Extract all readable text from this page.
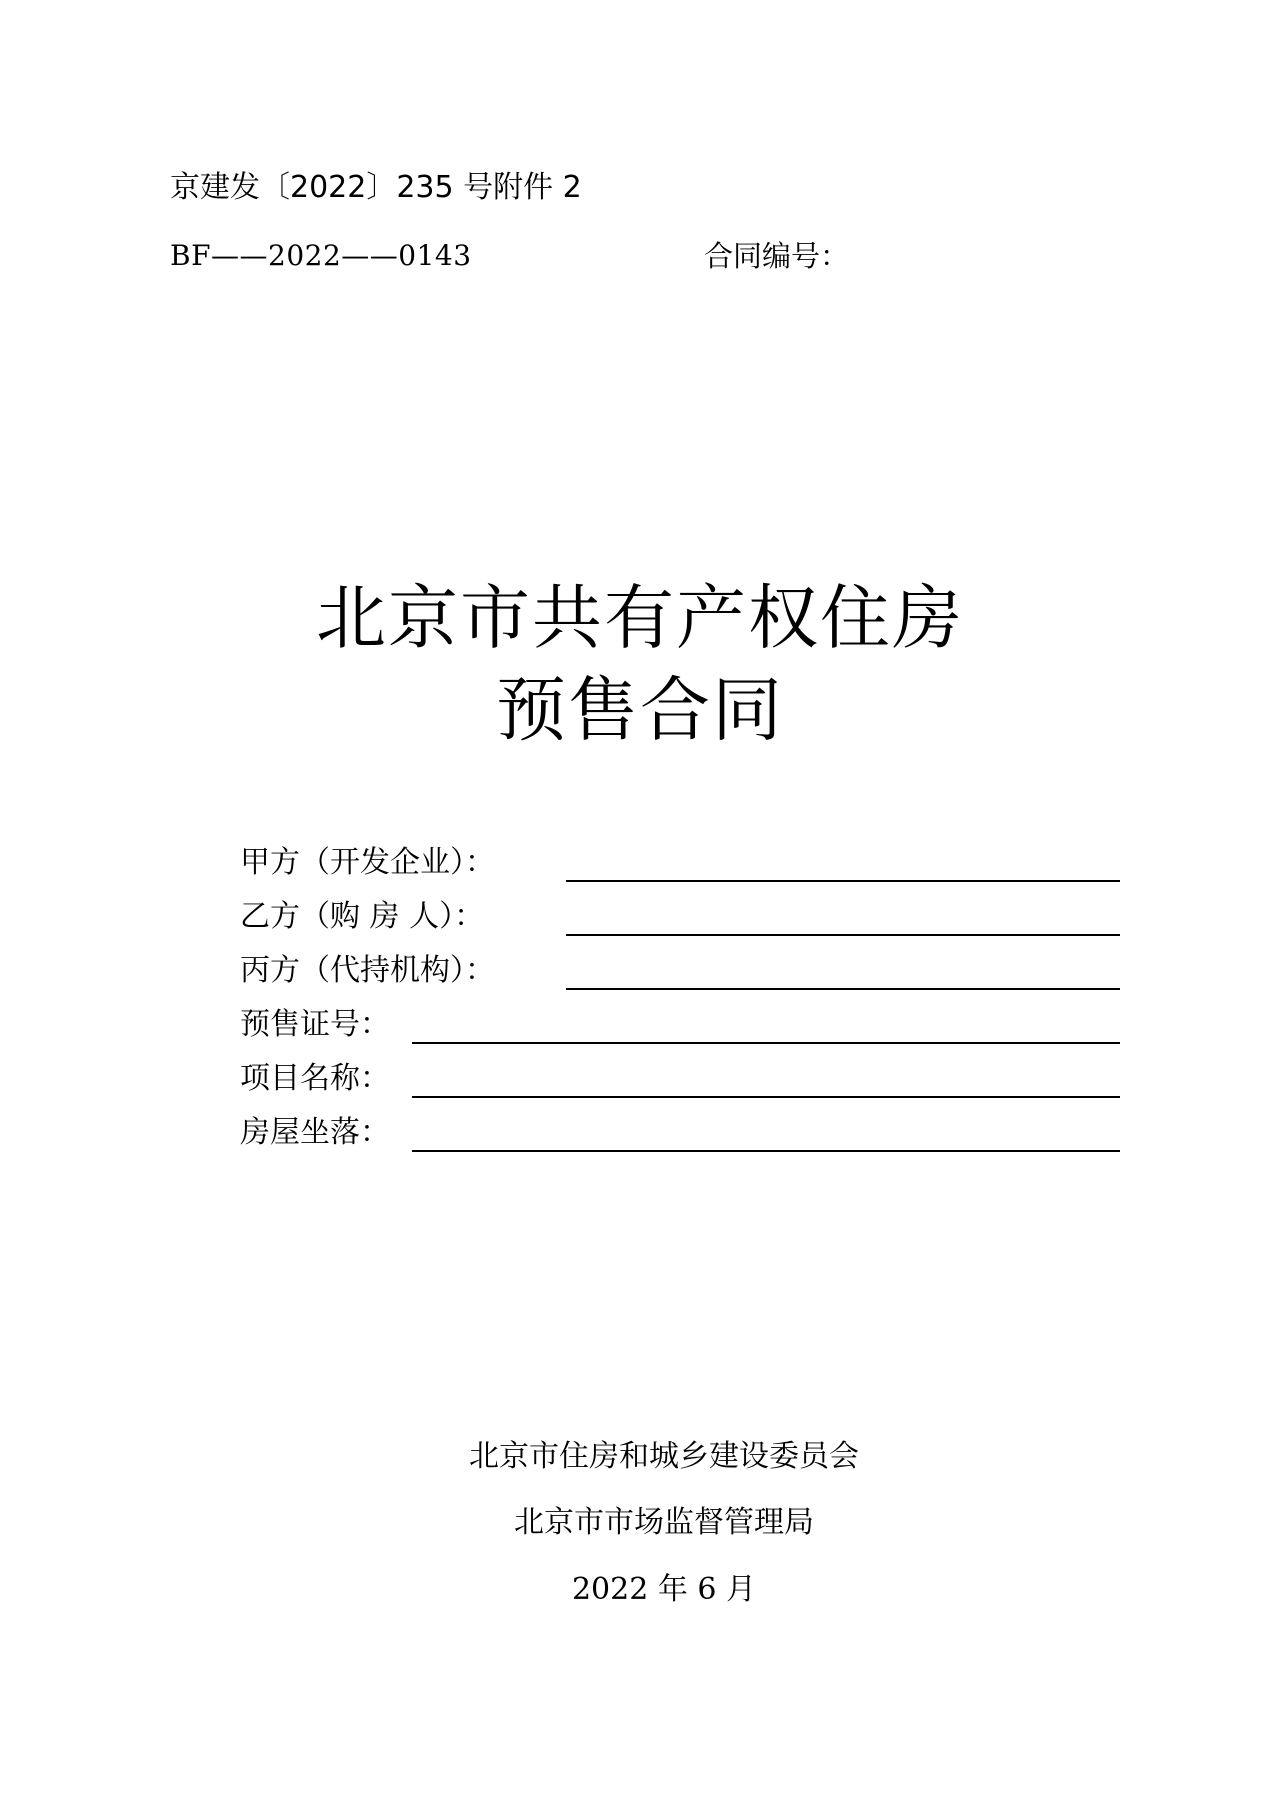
京建发〔2022〕235 号附件 2
BF——2022——0143	合同编号：
北京市共有产权住房
预售合同
甲方（开发企业）：
乙方（购 房 人）：
丙方（代持机构）：
预售证号：
项目名称：
房屋坐落：
北京市住房和城乡建设委员会
北京市市场监督管理局
2022 年 6 月
